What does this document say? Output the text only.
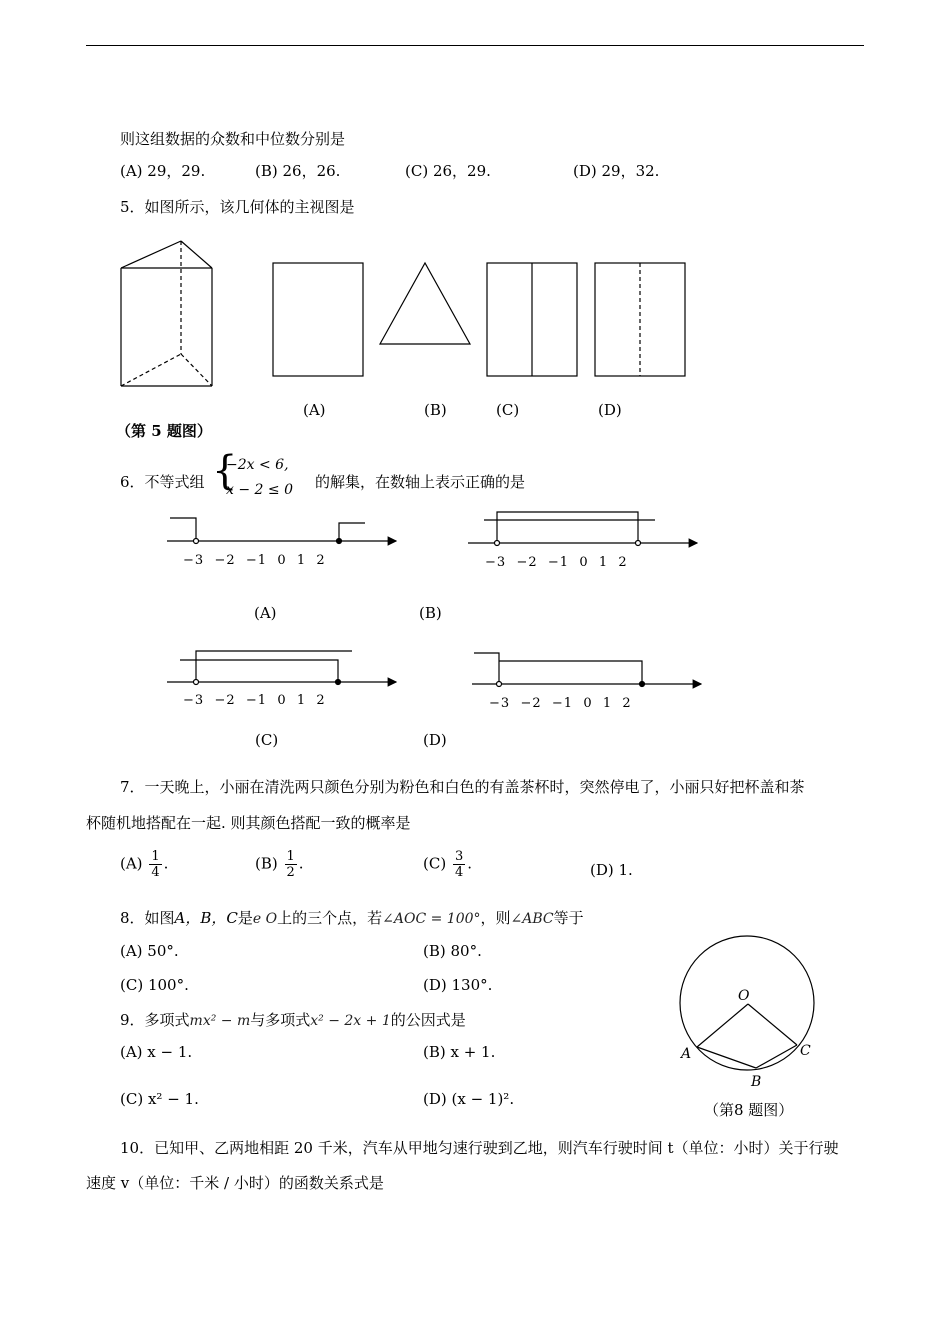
则这组数据的众数和中位数分别是
(A) 29，29.	(B) 26，26.	(C) 26，29.	(D) 29，32.
5．如图所示，该几何体的主视图是
(A)	(B)	(C)	(D)
（第 5 题图）
6．不等式组 {
−2x < 6,
x − 2 ≤ 0 的解集，在数轴上表示正确的是
−3 −2 −1 0 1 2	−3 −2 −1 0 1 2
−3 −2 −1 0 1 2	−3 −2 −1 0 1 2
(A)	(B)
(C)	(D)
7．一天晚上，小丽在清洗两只颜色分别为粉色和白色的有盖茶杯时，突然停电了，小丽只好把杯盖和茶
杯随机地搭配在一起. 则其颜色搭配一致的概率是
$(A) \frac{1}{4}$ .	$(B) \frac{1}{2}$ .	$(C) \frac{3}{4}$ .	(D) 1.
8．如图A，B，C是e O上的三个点，若∠AOC = 100°，则∠ABC等于
(A) 50°.	(B) 80°.
(C) 100°.	(D) 130°.
O
A
B
C
（第8 题图）
9．多项式mx² − m与多项式x² − 2x + 1的公因式是
(A) x − 1.	(B) x + 1.
(C) x² − 1.	(D) (x − 1)².
10．已知甲、乙两地相距 20 千米，汽车从甲地匀速行驶到乙地，则汽车行驶时间 t（单位：小时）关于行驶
速度 v（单位：千米 / 小时）的函数关系式是
